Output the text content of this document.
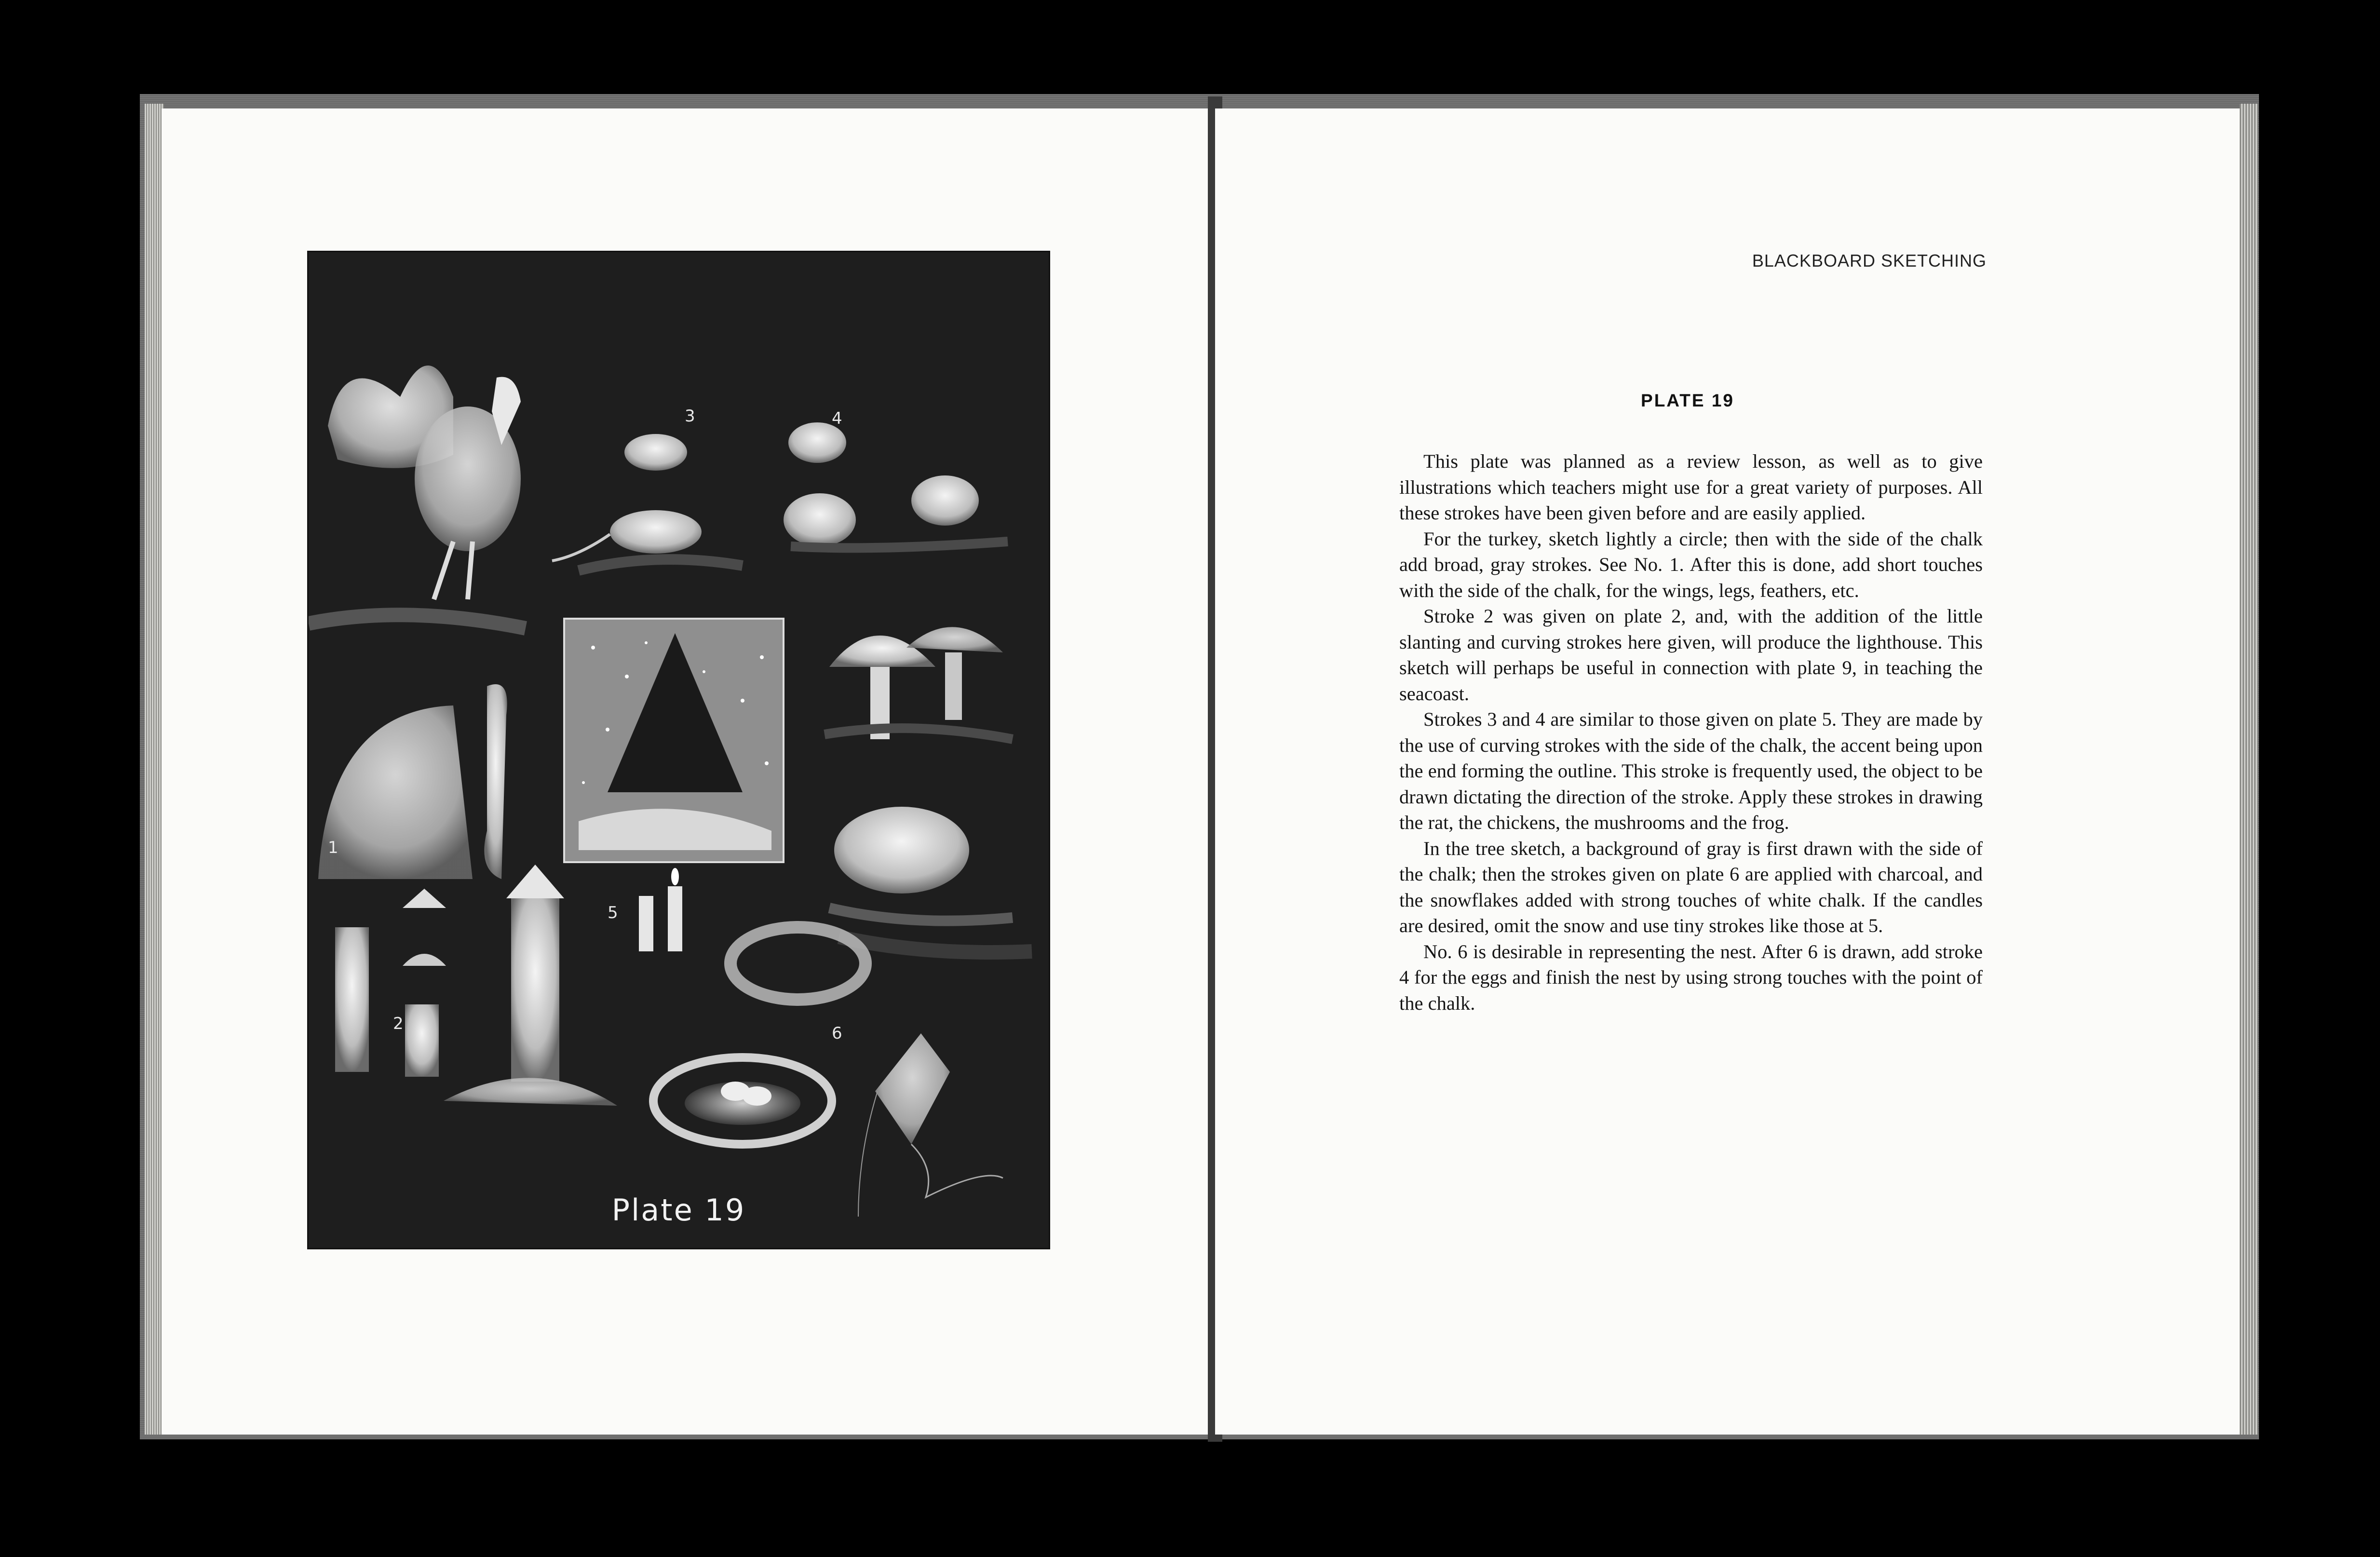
3	4
1
2
5
6
Plate 19
BLACKBOARD SKETCHING
PLATE 19

This plate was planned as a review lesson, as well as to give illustrations which teachers might use for a great variety of purposes. All these strokes have been given before and are easily applied.

For the turkey, sketch lightly a circle; then with the side of the chalk add broad, gray strokes. See No. 1. After this is done, add short touches with the side of the chalk, for the wings, legs, feathers, etc.

Stroke 2 was given on plate 2, and, with the addition of the little slanting and curving strokes here given, will produce the lighthouse. This sketch will perhaps be useful in connection with plate 9, in teaching the seacoast.

Strokes 3 and 4 are similar to those given on plate 5. They are made by the use of curving strokes with the side of the chalk, the accent being upon the end forming the outline. This stroke is frequently used, the object to be drawn dictating the direction of the stroke. Apply these strokes in drawing the rat, the chickens, the mushrooms and the frog.

In the tree sketch, a background of gray is first drawn with the side of the chalk; then the strokes given on plate 6 are applied with charcoal, and the snowflakes added with strong touches of white chalk. If the candles are desired, omit the snow and use tiny strokes like those at 5.

No. 6 is desirable in representing the nest. After 6 is drawn, add stroke 4 for the eggs and finish the nest by using strong touches with the point of the chalk.
